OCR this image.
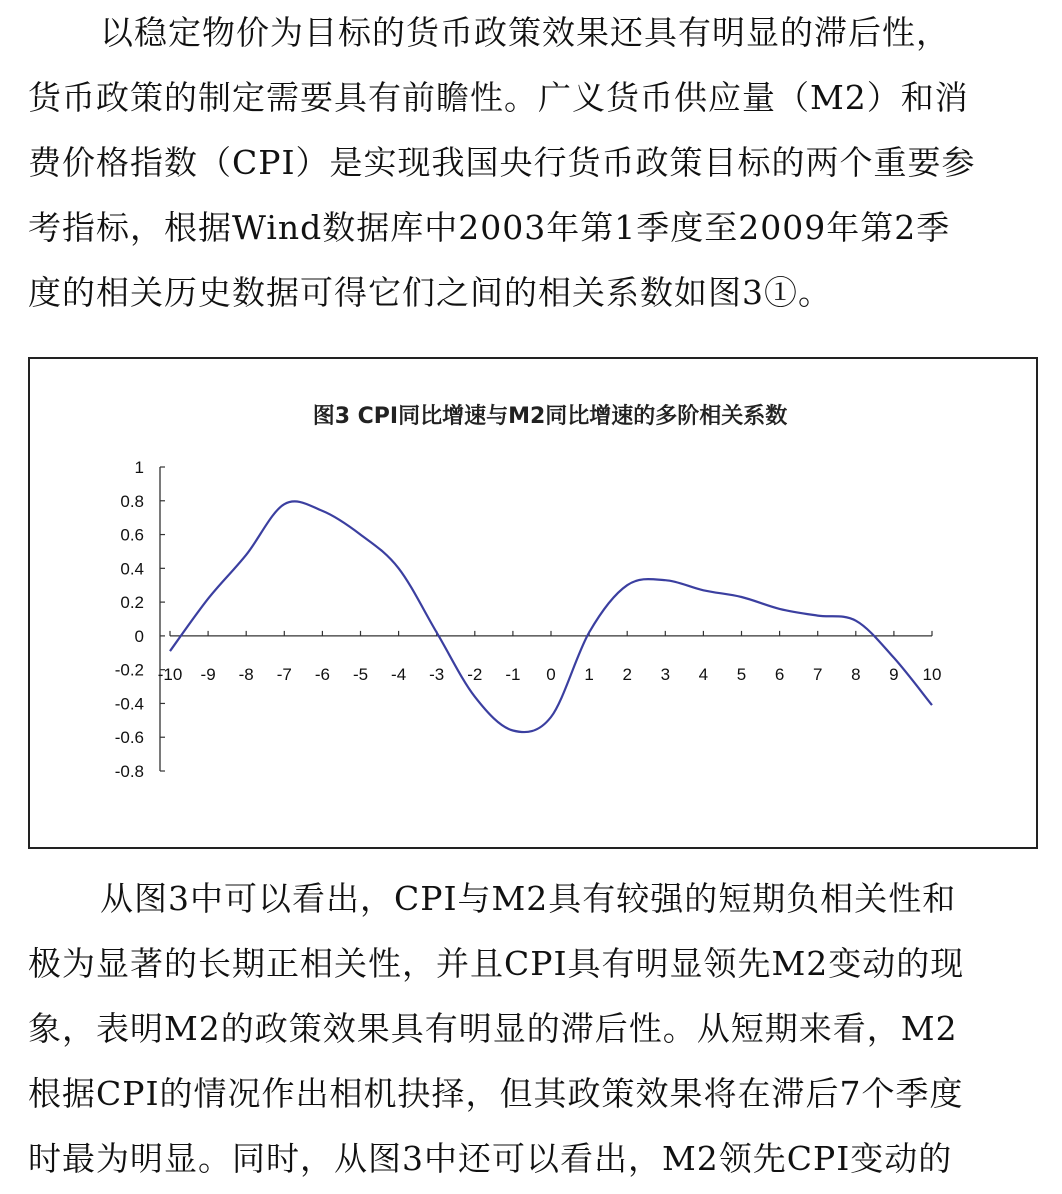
以稳定物价为目标的货币政策效果还具有明显的滞后性，
货币政策的制定需要具有前瞻性。广义货币供应量（M2）和消
费价格指数（CPI）是实现我国央行货币政策目标的两个重要参
考指标，根据Wind数据库中2003年第1季度至2009年第2季
度的相关历史数据可得它们之间的相关系数如图3①。
图3 CPI同比增速与M2同比增速的多阶相关系数
1
0.8
0.6
0.4
0.2
0
-0.2
-0.4
-0.6
-0.8
-10 -9 -8 -7 -6 -5 -4 -3 -2 -1 0 1 2 3 4 5 6 7 8 9 10
从图3中可以看出，CPI与M2具有较强的短期负相关性和
极为显著的长期正相关性，并且CPI具有明显领先M2变动的现
象，表明M2的政策效果具有明显的滞后性。从短期来看，M2
根据CPI的情况作出相机抉择，但其政策效果将在滞后7个季度
时最为明显。同时，从图3中还可以看出，M2领先CPI变动的
